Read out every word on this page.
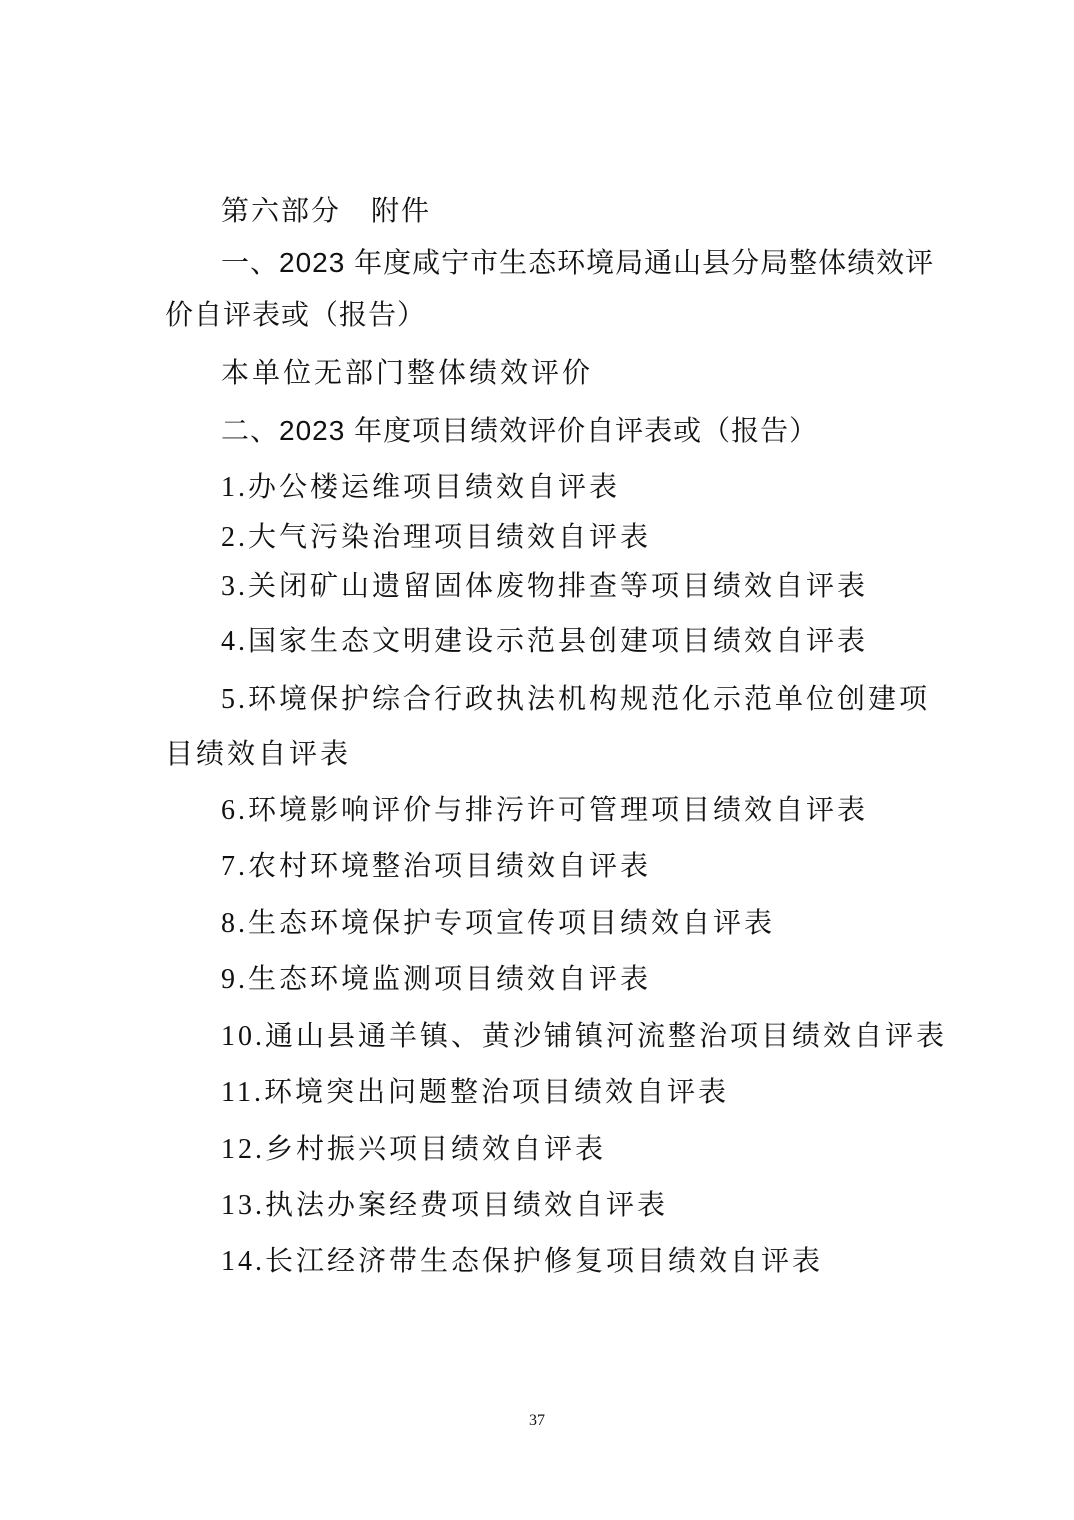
第六部分　附件
一、2023 年度咸宁市生态环境局通山县分局整体绩效评
价自评表或（报告）
本单位无部门整体绩效评价
二、2023 年度项目绩效评价自评表或（报告）
1.办公楼运维项目绩效自评表
2.大气污染治理项目绩效自评表
3.关闭矿山遗留固体废物排查等项目绩效自评表
4.国家生态文明建设示范县创建项目绩效自评表
5.环境保护综合行政执法机构规范化示范单位创建项
目绩效自评表
6.环境影响评价与排污许可管理项目绩效自评表
7.农村环境整治项目绩效自评表
8.生态环境保护专项宣传项目绩效自评表
9.生态环境监测项目绩效自评表
10.通山县通羊镇、黄沙铺镇河流整治项目绩效自评表
11.环境突出问题整治项目绩效自评表
12.乡村振兴项目绩效自评表
13.执法办案经费项目绩效自评表
14.长江经济带生态保护修复项目绩效自评表
37
